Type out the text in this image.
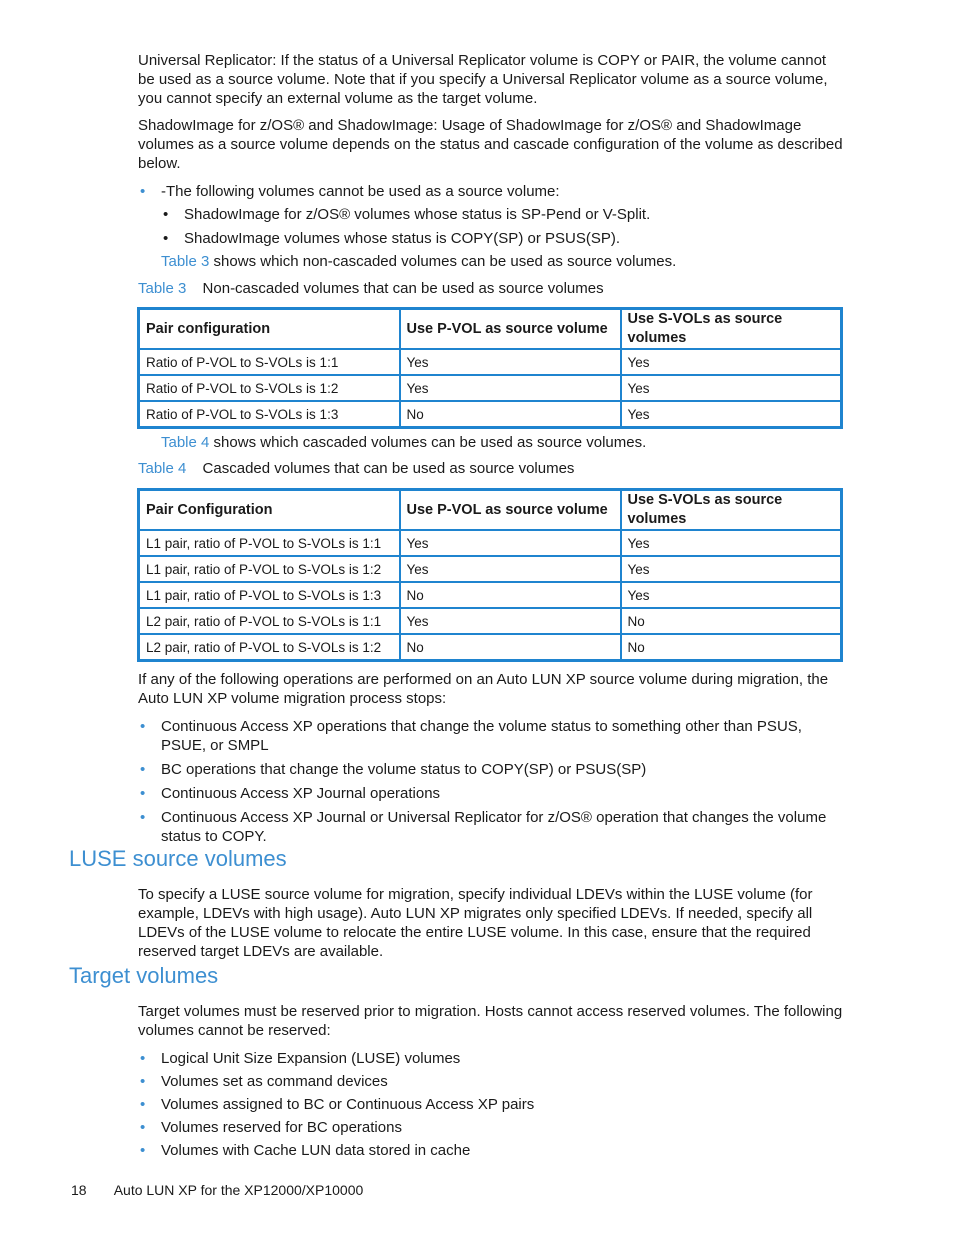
Universal Replicator: If the status of a Universal Replicator volume is COPY or PAIR, the volume cannot be used as a source volume. Note that if you specify a Universal Replicator volume as a source volume, you cannot specify an external volume as the target volume.

ShadowImage for z/OS® and ShadowImage: Usage of ShadowImage for z/OS® and ShadowImage volumes as a source volume depends on the status and cascade configuration of the volume as described below.

• -The following volumes cannot be used as a source volume:
• ShadowImage for z/OS® volumes whose status is SP-Pend or V-Split.
• ShadowImage volumes whose status is COPY(SP) or PSUS(SP).
Table 3 shows which non-cascaded volumes can be used as source volumes.
Table 3 Non-cascaded volumes that can be used as source volumes
Pair configuration	Use P-VOL as source volume	Use S-VOLs as source volumes
Ratio of P-VOL to S-VOLs is 1:1	Yes	Yes
Ratio of P-VOL to S-VOLs is 1:2	Yes	Yes
Ratio of P-VOL to S-VOLs is 1:3	No	Yes
Table 4 shows which cascaded volumes can be used as source volumes.
Table 4 Cascaded volumes that can be used as source volumes
Pair Configuration	Use P-VOL as source volume	Use S-VOLs as source volumes
L1 pair, ratio of P-VOL to S-VOLs is 1:1	Yes	Yes
L1 pair, ratio of P-VOL to S-VOLs is 1:2	Yes	Yes
L1 pair, ratio of P-VOL to S-VOLs is 1:3	No	Yes
L2 pair, ratio of P-VOL to S-VOLs is 1:1	Yes	No
L2 pair, ratio of P-VOL to S-VOLs is 1:2	No	No

If any of the following operations are performed on an Auto LUN XP source volume during migration, the Auto LUN XP volume migration process stops:

• Continuous Access XP operations that change the volume status to something other than PSUS, PSUE, or SMPL
• BC operations that change the volume status to COPY(SP) or PSUS(SP)
• Continuous Access XP Journal operations
• Continuous Access XP Journal or Universal Replicator for z/OS® operation that changes the volume status to COPY.
LUSE source volumes

To specify a LUSE source volume for migration, specify individual LDEVs within the LUSE volume (for example, LDEVs with high usage). Auto LUN XP migrates only specified LDEVs. If needed, specify all LDEVs of the LUSE volume to relocate the entire LUSE volume. In this case, ensure that the required reserved target LDEVs are available.

Target volumes

Target volumes must be reserved prior to migration. Hosts cannot access reserved volumes. The following volumes cannot be reserved:

• Logical Unit Size Expansion (LUSE) volumes
• Volumes set as command devices
• Volumes assigned to BC or Continuous Access XP pairs
• Volumes reserved for BC operations
• Volumes with Cache LUN data stored in cache
18 Auto LUN XP for the XP12000/XP10000
